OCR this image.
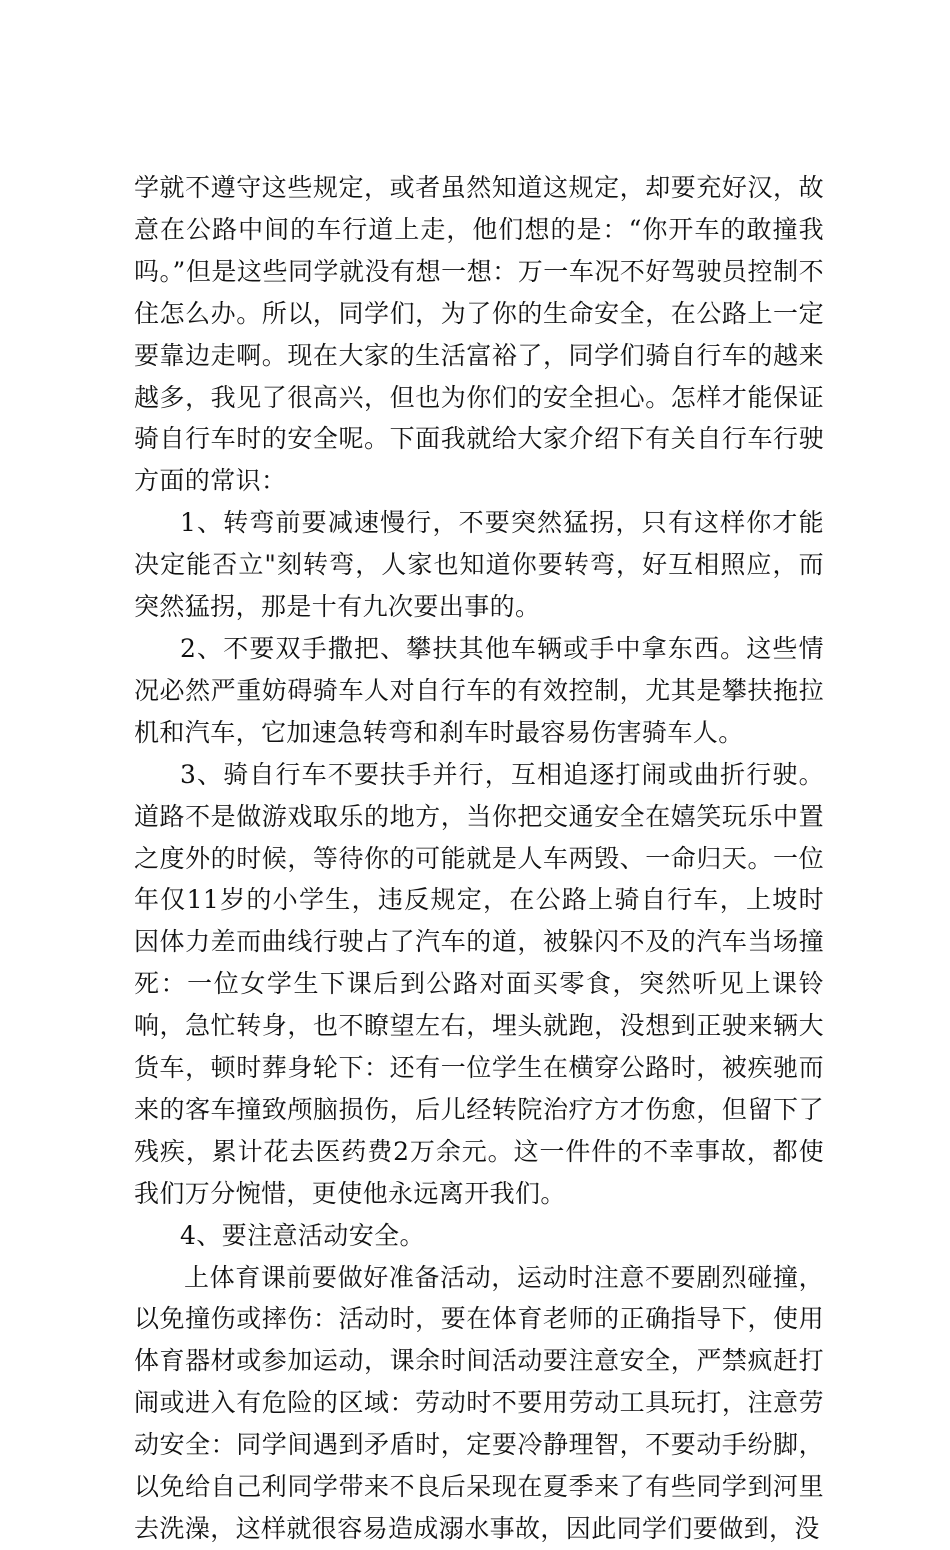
学就不遵守这些规定，或者虽然知道这规定，却要充好汉，故意在公路中间的车行道上走，他们想的是：“你开车的敢撞我吗。”但是这些同学就没有想一想：万一车况不好驾驶员控制不住怎么办。所以，同学们，为了你的生命安全，在公路上一定要靠边走啊。现在大家的生活富裕了，同学们骑自行车的越来越多，我见了很高兴，但也为你们的安全担心。怎样才能保证骑自行车时的安全呢。下面我就给大家介绍下有关自行车行驶方面的常识：

1、转弯前要减速慢行，不要突然猛拐，只有这样你才能决定能否立"刻转弯，人家也知道你要转弯，好互相照应，而突然猛拐，那是十有九次要出事的。

2、不要双手撒把、攀扶其他车辆或手中拿东西。这些情况必然严重妨碍骑车人对自行车的有效控制，尤其是攀扶拖拉机和汽车，它加速急转弯和刹车时最容易伤害骑车人。

3、骑自行车不要扶手并行，互相追逐打闹或曲折行驶。道路不是做游戏取乐的地方，当你把交通安全在嬉笑玩乐中置之度外的时候，等待你的可能就是人车两毁、一命归天。一位年仅11岁的小学生，违反规定，在公路上骑自行车，上坡时因体力差而曲线行驶占了汽车的道，被躲闪不及的汽车当场撞死：一位女学生下课后到公路对面买零食，突然听见上课铃响，急忙转身，也不瞭望左右，埋头就跑，没想到正驶来辆大货车，顿时葬身轮下：还有一位学生在横穿公路时，被疾驰而来的客车撞致颅脑损伤，后儿经转院治疗方才伤愈，但留下了残疾，累计花去医药费2万余元。这一件件的不幸事故，都使我们万分惋惜，更使他永远离开我们。

4、要注意活动安全。

上体育课前要做好准备活动，运动时注意不要剧烈碰撞，以免撞伤或摔伤：活动时，要在体育老师的正确指导下，使用体育器材或参加运动，课余时间活动要注意安全，严禁疯赶打闹或进入有危险的区域：劳动时不要用劳动工具玩打，注意劳动安全：同学间遇到矛盾时，定要冷静理智，不要动手纷脚，以免给自己利同学带来不良后呆现在夏季来了有些同学到河里去洗澡，这样就很容易造成溺水事故，因此同学们要做到，没
